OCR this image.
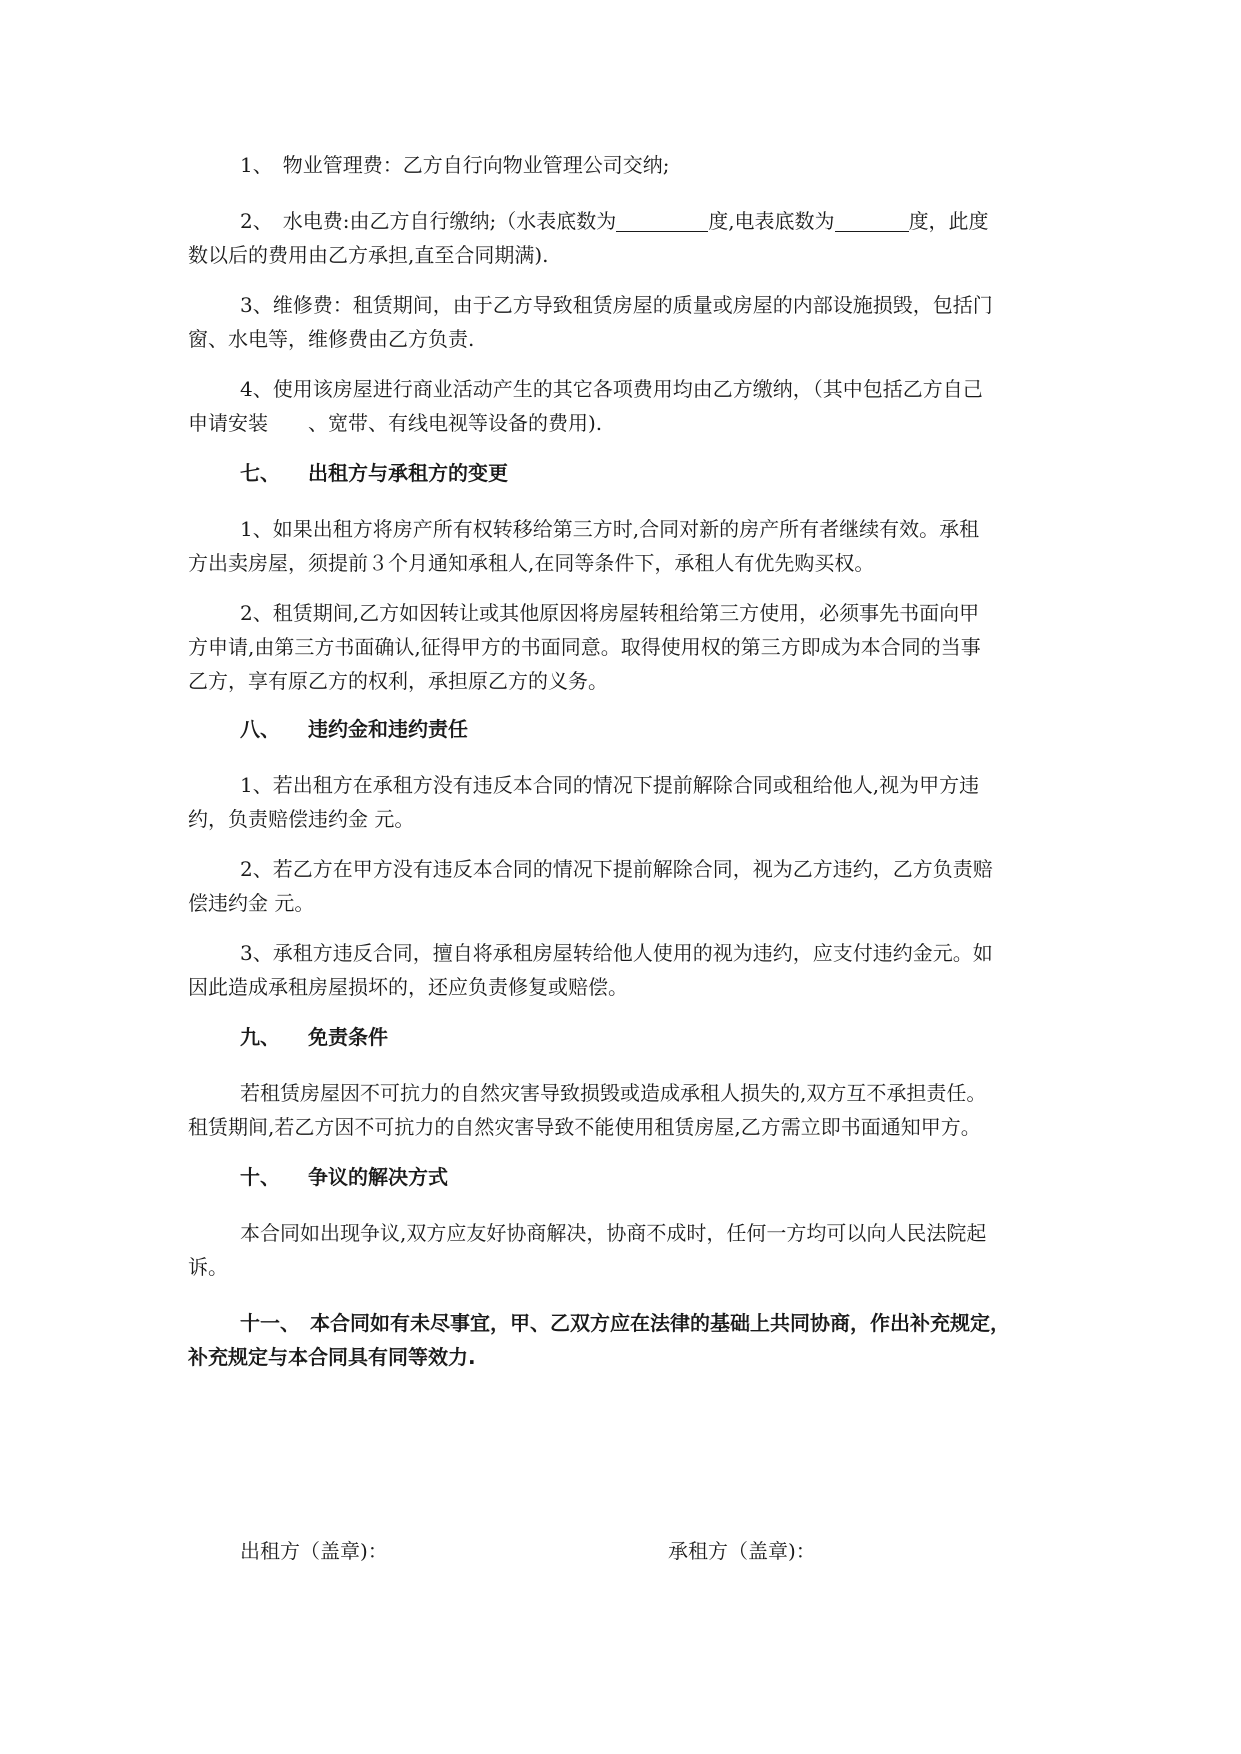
1、　物业管理费：乙方自行向物业管理公司交纳;
2、　水电费:由乙方自行缴纳;（水表底数为	度,电表底数为	度，此度
数以后的费用由乙方承担,直至合同期满).
3、维修费：租赁期间，由于乙方导致租赁房屋的质量或房屋的内部设施损毁，包括门
窗、水电等，维修费由乙方负责.
4、使用该房屋进行商业活动产生的其它各项费用均由乙方缴纳，（其中包括乙方自己
申请安装　　、宽带、有线电视等设备的费用).
七、 出租方与承租方的变更
1、如果出租方将房产所有权转移给第三方时,合同对新的房产所有者继续有效。承租
方出卖房屋，须提前３个月通知承租人,在同等条件下，承租人有优先购买权。
2、租赁期间,乙方如因转让或其他原因将房屋转租给第三方使用，必须事先书面向甲
方申请,由第三方书面确认,征得甲方的书面同意。取得使用权的第三方即成为本合同的当事
乙方，享有原乙方的权利，承担原乙方的义务。
八、 违约金和违约责任
1、若出租方在承租方没有违反本合同的情况下提前解除合同或租给他人,视为甲方违
约，负责赔偿违约金 元。
2、若乙方在甲方没有违反本合同的情况下提前解除合同，视为乙方违约，乙方负责赔
偿违约金 元。
3、承租方违反合同，擅自将承租房屋转给他人使用的视为违约，应支付违约金元。如
因此造成承租房屋损坏的，还应负责修复或赔偿。
九、 免责条件
若租赁房屋因不可抗力的自然灾害导致损毁或造成承租人损失的,双方互不承担责任。
租赁期间,若乙方因不可抗力的自然灾害导致不能使用租赁房屋,乙方需立即书面通知甲方。
十、 争议的解决方式
本合同如出现争议,双方应友好协商解决，协商不成时，任何一方均可以向人民法院起
诉。
十一、　本合同如有未尽事宜，甲、乙双方应在法律的基础上共同协商，作出补充规定，
补充规定与本合同具有同等效力.
出租方（盖章)：	承租方（盖章)：
